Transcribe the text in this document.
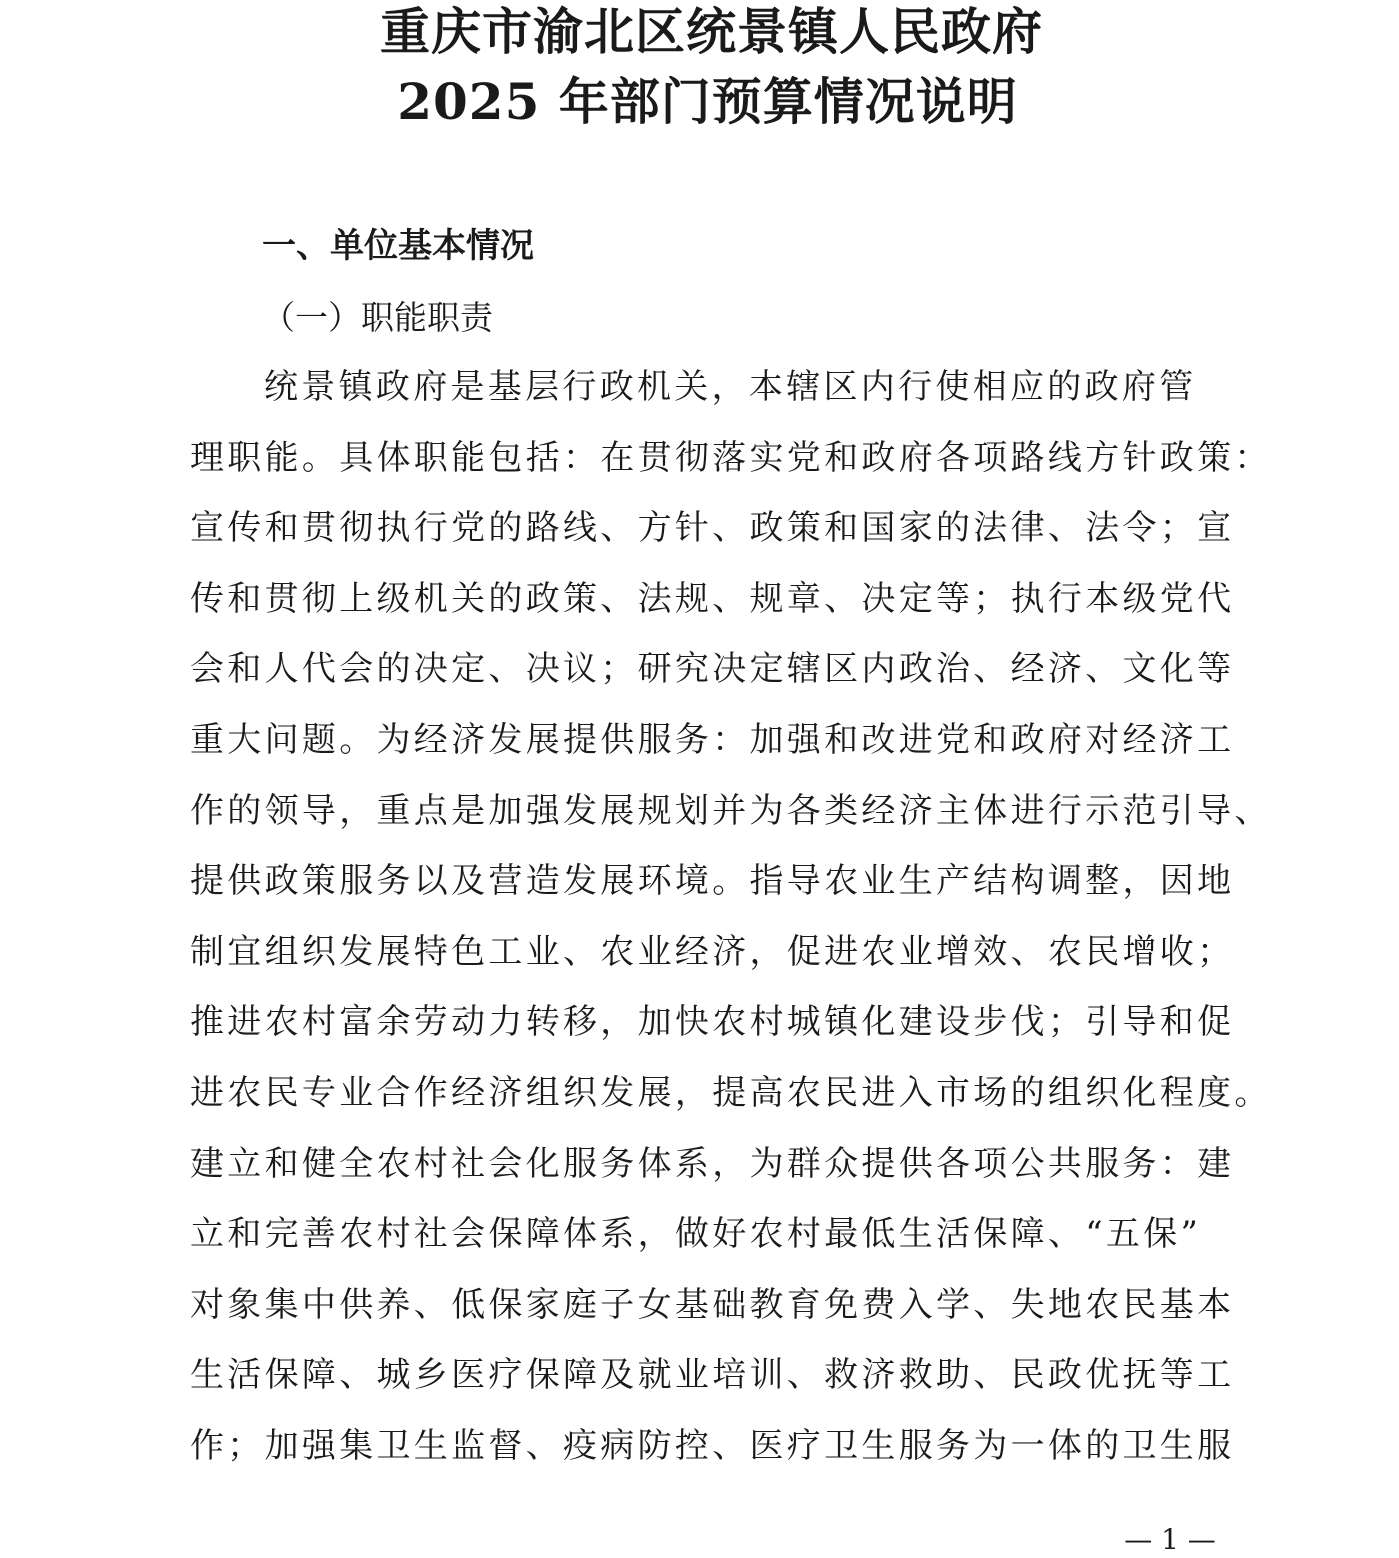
重庆市渝北区统景镇人民政府
2025 年部门预算情况说明
一、单位基本情况
（一）职能职责
统景镇政府是基层行政机关，本辖区内行使相应的政府管
理职能。具体职能包括：在贯彻落实党和政府各项路线方针政策：
宣传和贯彻执行党的路线、方针、政策和国家的法律、法令；宣
传和贯彻上级机关的政策、法规、规章、决定等；执行本级党代
会和人代会的决定、决议；研究决定辖区内政治、经济、文化等
重大问题。为经济发展提供服务：加强和改进党和政府对经济工
作的领导，重点是加强发展规划并为各类经济主体进行示范引导、
提供政策服务以及营造发展环境。指导农业生产结构调整，因地
制宜组织发展特色工业、农业经济，促进农业增效、农民增收；
推进农村富余劳动力转移，加快农村城镇化建设步伐；引导和促
进农民专业合作经济组织发展，提高农民进入市场的组织化程度。
建立和健全农村社会化服务体系，为群众提供各项公共服务：建
立和完善农村社会保障体系，做好农村最低生活保障、“五保”
对象集中供养、低保家庭子女基础教育免费入学、失地农民基本
生活保障、城乡医疗保障及就业培训、救济救助、民政优抚等工
作；加强集卫生监督、疫病防控、医疗卫生服务为一体的卫生服
— 1 —
